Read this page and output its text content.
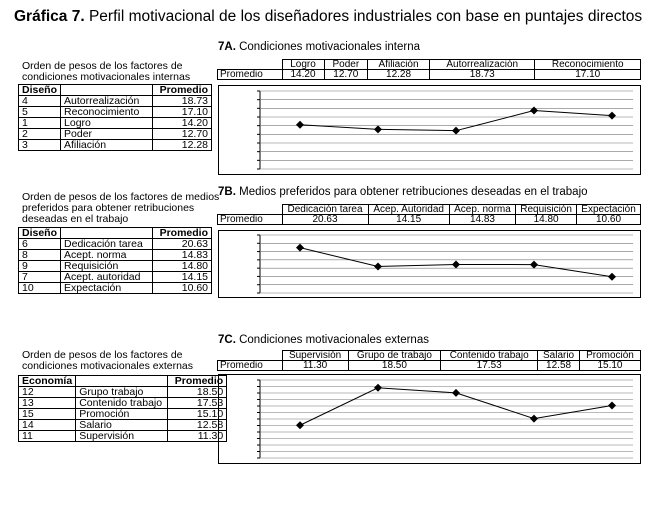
Gráfica 7. Perfil motivacional de los diseñadores industriales con base en puntajes directos
7A. Condiciones motivacionales interna
Orden de pesos de los factores de condiciones motivacionales internas
Diseño		Promedio
4	Autorrealización	18.73
5	Reconocimiento	17.10
1	Logro	14.20
2	Poder	12.70
3	Afiliación	12.28
	Logro	Poder	Afiliación	Autorrealización	Reconocimiento
Promedio	14.20	12.70	12.28	18.73	17.10
7B. Medios preferidos para obtener retribuciones deseadas en el trabajo
Orden de pesos de los factores de medios preferidos para obtener retribuciones deseadas en el trabajo
Diseño		Promedio
6	Dedicación tarea	20.63
8	Acept. norma	14.83
9	Requisición	14.80
7	Acept. autoridad	14.15
10	Expectación	10.60
	Dedicación tarea	Acep. Autoridad	Acep. norma	Requisición	Expectación
Promedio	20.63	14.15	14.83	14.80	10.60
7C. Condiciones motivacionales externas
Orden de pesos de los factores de condiciones motivacionales externas
Economía		Promedio
12	Grupo trabajo	18.50
13	Contenido trabajo	17.53
15	Promoción	15.10
14	Salario	12.58
11	Supervisión	11.30
	Supervisión	Grupo de trabajo	Contenido trabajo	Salario	Promoción
Promedio	11.30	18.50	17.53	12.58	15.10
